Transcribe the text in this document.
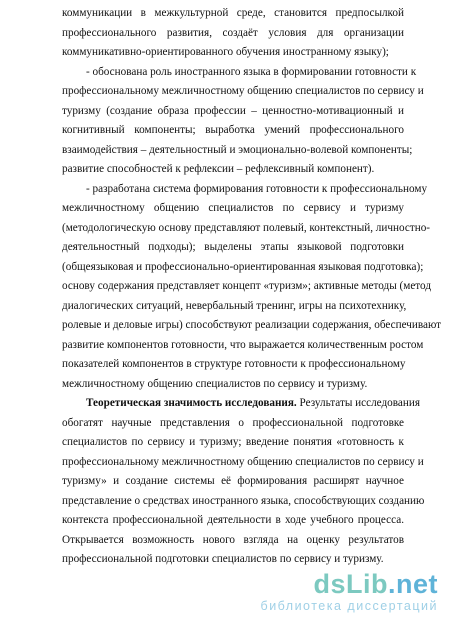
коммуникации в межкультурной среде, становится предпосылкой
профессионального развития, создаёт условия для организации
коммуникативно-ориентированного обучения иностранному языку);
- обоснована роль иностранного языка в формировании готовности к
профессиональному межличностному общению специалистов по сервису и
туризму (создание образа профессии – ценностно-мотивационный и
когнитивный компоненты; выработка умений профессионального
взаимодействия – деятельностный и эмоционально-волевой компоненты;
развитие способностей к рефлексии – рефлексивный компонент).
- разработана система формирования готовности к профессиональному
межличностному общению специалистов по сервису и туризму
(методологическую основу представляют полевый, контекстный, личностно-
деятельностный подходы); выделены этапы языковой подготовки
(общеязыковая и профессионально-ориентированная языковая подготовка);
основу содержания представляет концепт «туризм»; активные методы (метод
диалогических ситуаций, невербальный тренинг, игры на психотехнику,
ролевые и деловые игры) способствуют реализации содержания, обеспечивают
развитие компонентов готовности, что выражается количественным ростом
показателей компонентов в структуре готовности к профессиональному
межличностному общению специалистов по сервису и туризму.
Теоретическая значимость исследования. Результаты исследования
обогатят научные представления о профессиональной подготовке
специалистов по сервису и туризму; введение понятия «готовность к
профессиональному межличностному общению специалистов по сервису и
туризму» и создание системы её формирования расширят научное
представление о средствах иностранного языка, способствующих созданию
контекста профессиональной деятельности в ходе учебного процесса.
Открывается возможность нового взгляда на оценку результатов
профессиональной подготовки специалистов по сервису и туризму.
dsLib.net
библиотека диссертаций
